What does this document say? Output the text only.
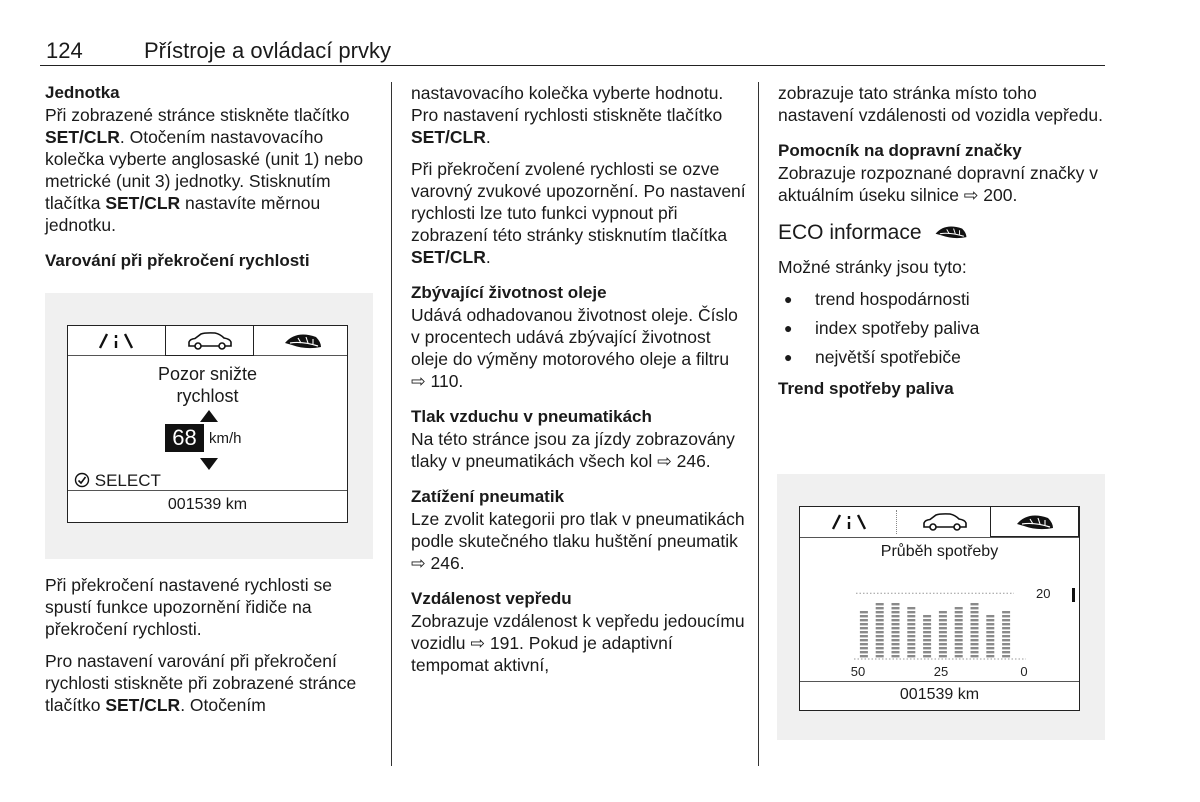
124	Přístroje a ovládací prvky
Jednotka

Při zobrazené stránce stiskněte tlačítko SET/CLR. Otočením nastavovacího kolečka vyberte anglosaské (unit 1) nebo metrické (unit 3) jednotky. Stisknutím tlačítka SET/CLR nastavíte měrnou jednotku.

Varování při překročení rychlosti

Při překročení nastavené rychlosti se spustí funkce upozornění řidiče na překročení rychlosti.

Pro nastavení varování při překročení rychlosti stiskněte při zobrazené stránce tlačítko SET/CLR. Otočením

Pozor snižte
rychlost
68 km/h
SELECT
001539 km

nastavovacího kolečka vyberte hodnotu. Pro nastavení rychlosti stiskněte tlačítko SET/CLR.

Při překročení zvolené rychlosti se ozve varovný zvukové upozornění. Po nastavení rychlosti lze tuto funkci vypnout při zobrazení této stránky stisknutím tlačítka SET/CLR.

Zbývající životnost oleje

Udává odhadovanou životnost oleje. Číslo v procentech udává zbývající životnost oleje do výměny motorového oleje a filtru ⇨ 110.

Tlak vzduchu v pneumatikách

Na této stránce jsou za jízdy zobrazovány tlaky v pneumatikách všech kol ⇨ 246.

Zatížení pneumatik

Lze zvolit kategorii pro tlak v pneumatikách podle skutečného tlaku huštění pneumatik ⇨ 246.

Vzdálenost vepředu

Zobrazuje vzdálenost k vepředu jedoucímu vozidlu ⇨ 191. Pokud je adaptivní tempomat aktivní,

zobrazuje tato stránka místo toho nastavení vzdálenosti od vozidla vepředu.

Pomocník na dopravní značky

Zobrazuje rozpoznané dopravní značky v aktuálním úseku silnice ⇨ 200.

ECO informace

Možné stránky jsou tyto:

● trend hospodárnosti
● index spotřeby paliva
● největší spotřebiče
Trend spotřeby paliva
Průběh spotřeby
20
50	25	0
001539 km
